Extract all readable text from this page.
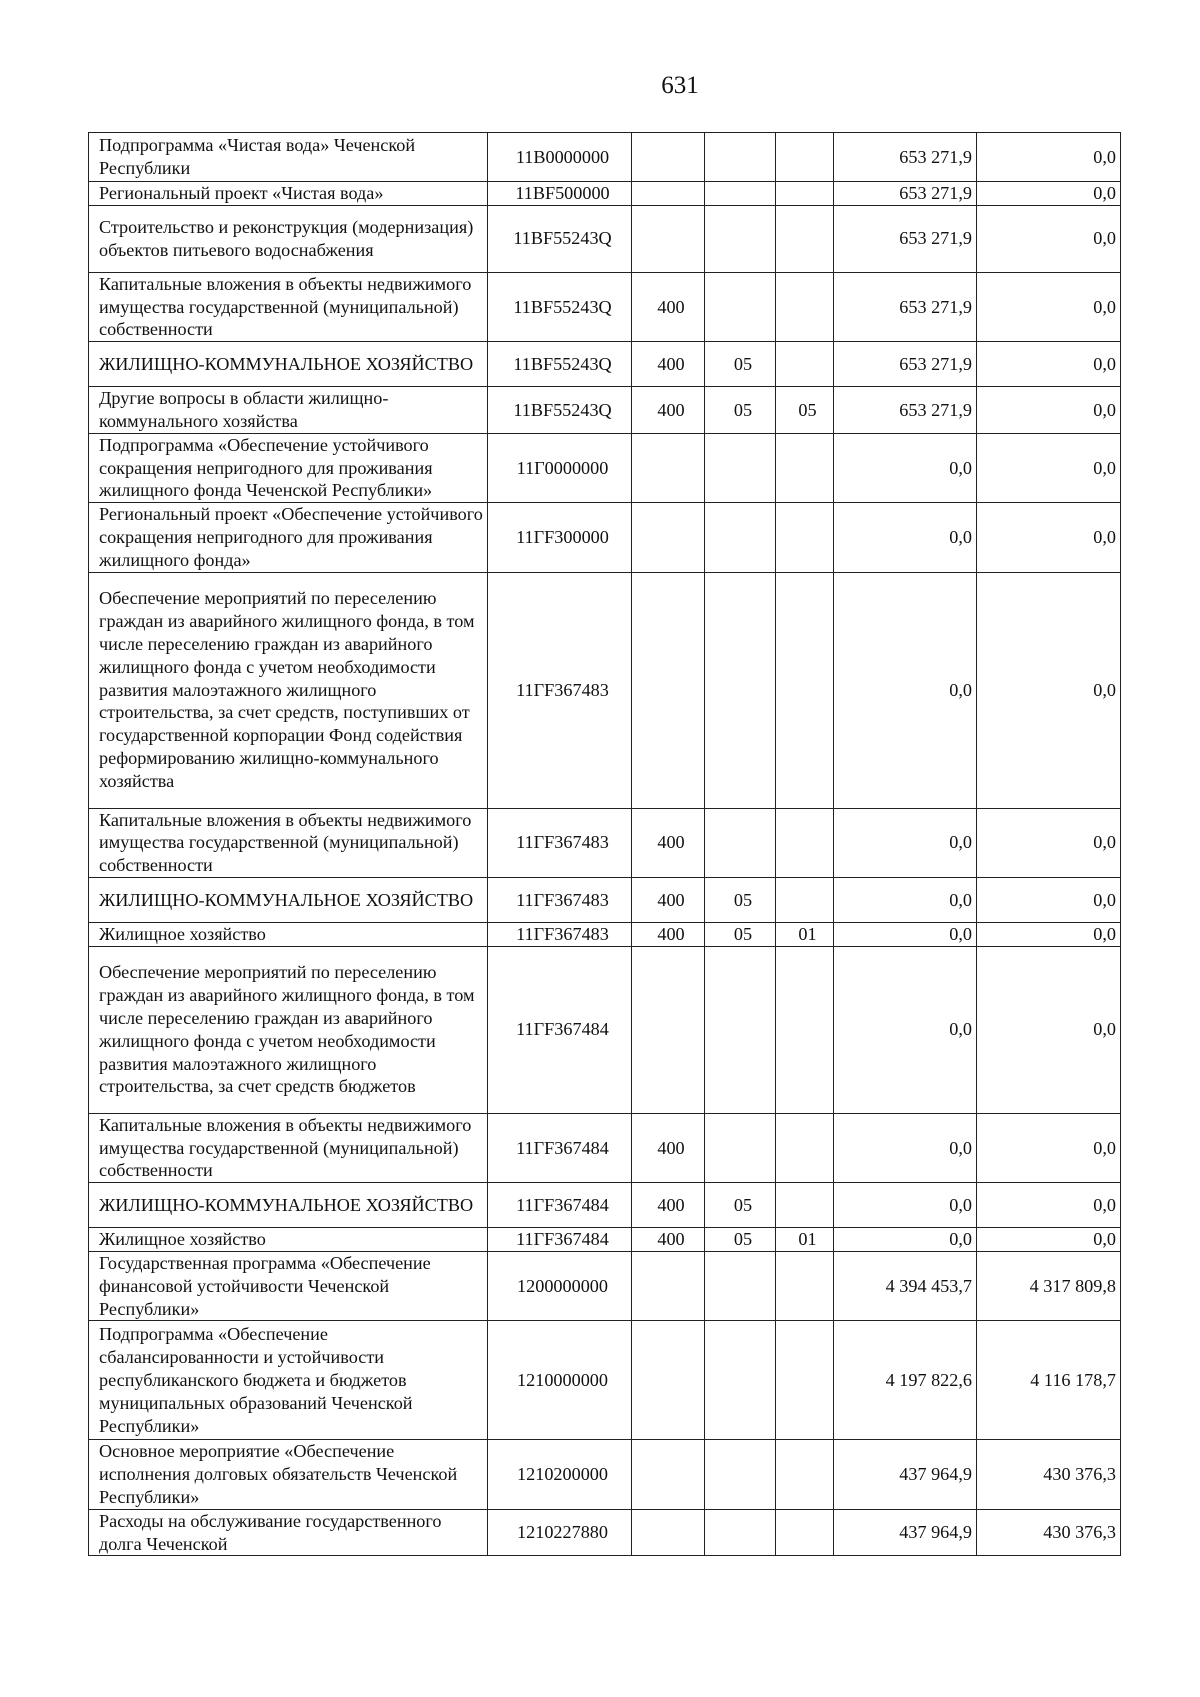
631
Подпрограмма «Чистая вода» Чеченской Республики	11В0000000				653 271,9	0,0
Региональный проект «Чистая вода»	11BF500000				653 271,9	0,0
Строительство и реконструкция (модернизация) объектов питьевого водоснабжения	11BF55243Q				653 271,9	0,0
Капитальные вложения в объекты недвижимого имущества государственной (муниципальной) собственности	11BF55243Q	400			653 271,9	0,0
ЖИЛИЩНО-КОММУНАЛЬНОЕ ХОЗЯЙСТВО	11BF55243Q	400	05		653 271,9	0,0
Другие вопросы в области жилищно-коммунального хозяйства	11BF55243Q	400	05	05	653 271,9	0,0
Подпрограмма «Обеспечение устойчивого сокращения непригодного для проживания жилищного фонда Чеченской Республики»	11Г0000000				0,0	0,0
Региональный проект «Обеспечение устойчивого сокращения непригодного для проживания жилищного фонда»	11ГF300000				0,0	0,0
Обеспечение мероприятий по переселению граждан из аварийного жилищного фонда, в том числе переселению граждан из аварийного жилищного фонда с учетом необходимости развития малоэтажного жилищного строительства, за счет средств, поступивших от государственной корпорации Фонд содействия реформированию жилищно-коммунального хозяйства	11ГF367483				0,0	0,0
Капитальные вложения в объекты недвижимого имущества государственной (муниципальной) собственности	11ГF367483	400			0,0	0,0
ЖИЛИЩНО-КОММУНАЛЬНОЕ ХОЗЯЙСТВО	11ГF367483	400	05		0,0	0,0
Жилищное хозяйство	11ГF367483	400	05	01	0,0	0,0
Обеспечение мероприятий по переселению граждан из аварийного жилищного фонда, в том числе переселению граждан из аварийного жилищного фонда с учетом необходимости развития малоэтажного жилищного строительства, за счет средств бюджетов	11ГF367484				0,0	0,0
Капитальные вложения в объекты недвижимого имущества государственной (муниципальной) собственности	11ГF367484	400			0,0	0,0
ЖИЛИЩНО-КОММУНАЛЬНОЕ ХОЗЯЙСТВО	11ГF367484	400	05		0,0	0,0
Жилищное хозяйство	11ГF367484	400	05	01	0,0	0,0
Государственная программа «Обеспечение финансовой устойчивости Чеченской Республики»	1200000000				4 394 453,7	4 317 809,8
Подпрограмма «Обеспечение сбалансированности и устойчивости республиканского бюджета и бюджетов муниципальных образований Чеченской Республики»	1210000000				4 197 822,6	4 116 178,7
Основное мероприятие «Обеспечение исполнения долговых обязательств Чеченской Республики»	1210200000				437 964,9	430 376,3
Расходы на обслуживание государственного долга Чеченской	1210227880				437 964,9	430 376,3
